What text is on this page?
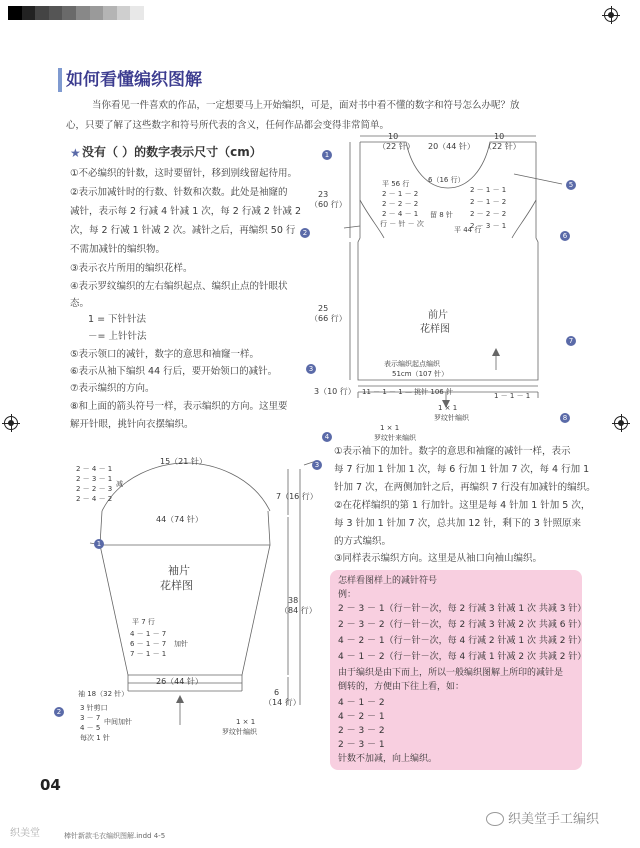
如何看懂编织图解
当你看见一件喜欢的作品，一定想要马上开始编织，可是，面对书中看不懂的数字和符号怎么办呢？放
心，只要了解了这些数字和符号所代表的含义，任何作品都会变得非常简单。
★ 没有（ ）的数字表示尺寸（cm）
①不必编织的针数，这时要留针，移到别线留起待用。
②表示加减针时的行数、针数和次数。此处是袖窿的
减针，表示每 2 行减 4 针减 1 次，每 2 行减 2 针减 2
次，每 2 行减 1 针减 2 次。减针之后，再编织 50 行
不需加减针的编织物。
③表示衣片所用的编织花样。
④表示罗纹编织的左右编织起点、编织止点的针眼状
态。
1 = 下针针法
－= 上针针法
⑤表示领口的减针，数字的意思和袖窿一样。
⑥表示从袖下编织 44 行后，要开始领口的减针。
⑦表示编织的方向。
⑧和上面的箭头符号一样，表示编织的方向。这里要
解开针眼，挑针向衣摆编织。
1
2
3
4
5
6
7
8
10
（22 针） 20（44 针）
10
（22 针）
23
（60 行）
25
（66 行）
3（10 行）
平 56 行	6（16 行）
2 － 1 － 2
2 － 2 － 2
2 － 4 － 1
行 － 针 － 次
留 8 针
平 44 行
2 － 1 － 1
2 － 1 － 2
2 － 2 － 2
2 － 3 － 1
前片
花样图
表示编织起点编织
51cm（107 针）
11 － 1 － 1 — 挑针 106 针	1 － 1 － 1
1 × 1
罗纹针编织
1 × 1
罗纹针来编织
1
2
3
15（21 针）
2 － 4 － 1
2 － 3 － 1
2 － 2 － 3
2 － 4 － 2
减
44（74 针）
7（16 行）
袖片
花样图
平 7 行
4 － 1 － 7
6 － 1 － 7
7 － 1 － 1
加针
38
（84 行）
26（44 针）
6
（14 行）
袖 18（32 针）
3 针剪口
3 － 7
4 － 5
中间加针
每次 1 针
1 × 1
罗纹针编织
①表示袖下的加针。数字的意思和袖窿的减针一样，表示
每 7 行加 1 针加 1 次，每 6 行加 1 针加 7 次，每 4 行加 1
针加 7 次，在两侧加针之后，再编织 7 行没有加减针的编织。
②在花样编织的第 1 行加针。这里是每 4 针加 1 针加 5 次，
每 3 针加 1 针加 7 次，总共加 12 针，剩下的 3 针照原来
的方式编织。
③同样表示编织方向。这里是从袖口向袖山编织。
怎样看图样上的减针符号
例：
2 － 3 － 1（行－针－次，每 2 行减 3 针减 1 次 共减 3 针）
2 － 3 － 2（行－针－次，每 2 行减 3 针减 2 次 共减 6 针）
4 － 2 － 1（行－针－次，每 4 行减 2 针减 1 次 共减 2 针）
4 － 1 － 2（行－针－次，每 4 行减 1 针减 2 次 共减 2 针）
由于编织是由下而上，所以一般编织图解上所印的减针是
倒转的，方便由下往上看，如：
4 － 1 － 2
4 － 2 － 1
2 － 3 － 2
2 － 3 － 1
针数不加减，向上编织。
04
棒针新款毛衣编织图解.indd 4-5
织美堂
织美堂手工编织
